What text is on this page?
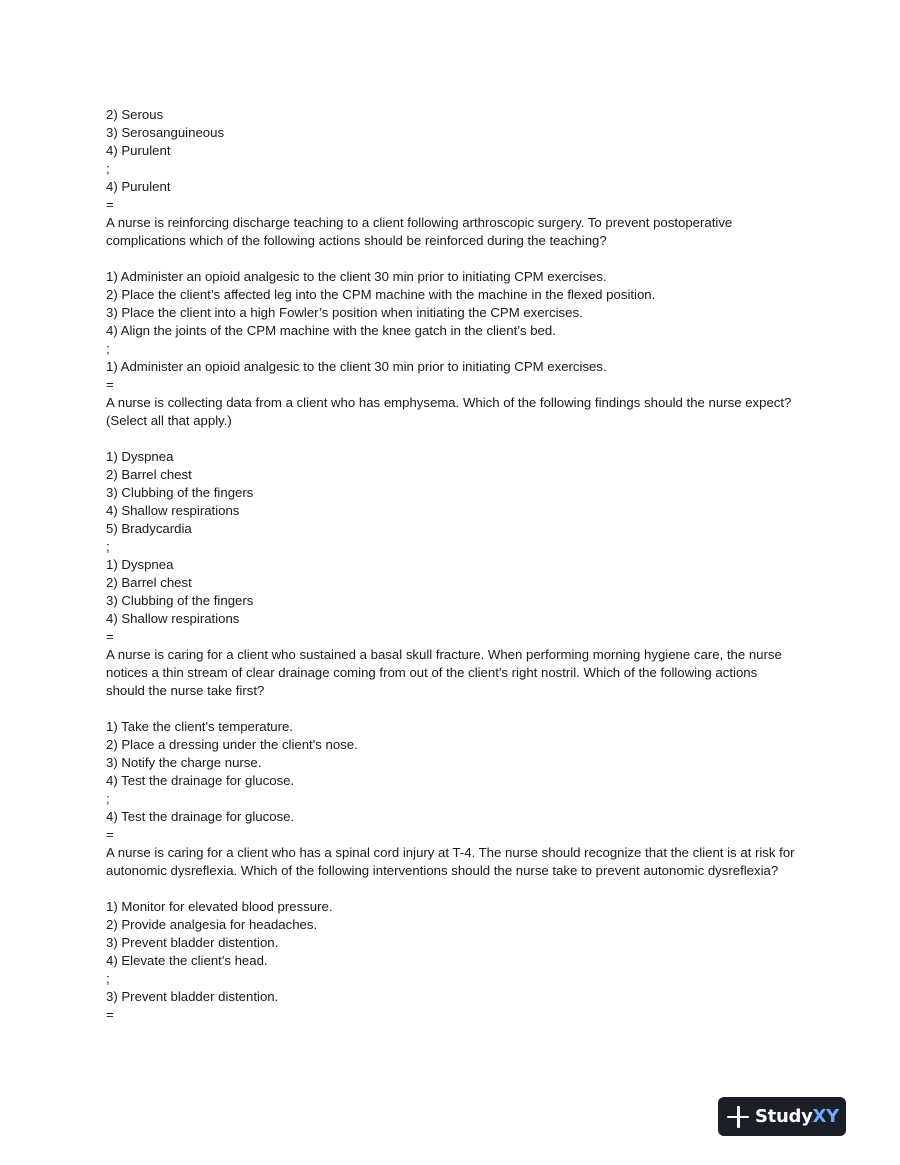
2) Serous
3) Serosanguineous
4) Purulent
;
4) Purulent
=
A nurse is reinforcing discharge teaching to a client following arthroscopic surgery. To prevent postoperative complications which of the following actions should be reinforced during the teaching?
1) Administer an opioid analgesic to the client 30 min prior to initiating CPM exercises.
2) Place the client’s affected leg into the CPM machine with the machine in the flexed position.
3) Place the client into a high Fowler’s position when initiating the CPM exercises.
4) Align the joints of the CPM machine with the knee gatch in the client’s bed.
;
1) Administer an opioid analgesic to the client 30 min prior to initiating CPM exercises.
=
A nurse is collecting data from a client who has emphysema. Which of the following findings should the nurse expect? (Select all that apply.)
1) Dyspnea
2) Barrel chest
3) Clubbing of the fingers
4) Shallow respirations
5) Bradycardia
;
1) Dyspnea
2) Barrel chest
3) Clubbing of the fingers
4) Shallow respirations
=
A nurse is caring for a client who sustained a basal skull fracture. When performing morning hygiene care, the nurse notices a thin stream of clear drainage coming from out of the client's right nostril. Which of the following actions should the nurse take first?
1) Take the client's temperature.
2) Place a dressing under the client's nose.
3) Notify the charge nurse.
4) Test the drainage for glucose.
;
4) Test the drainage for glucose.
=
A nurse is caring for a client who has a spinal cord injury at T-4. The nurse should recognize that the client is at risk for autonomic dysreflexia. Which of the following interventions should the nurse take to prevent autonomic dysreflexia?
1) Monitor for elevated blood pressure.
2) Provide analgesia for headaches.
3) Prevent bladder distention.
4) Elevate the client's head.
;
3) Prevent bladder distention.
=
StudyXY
